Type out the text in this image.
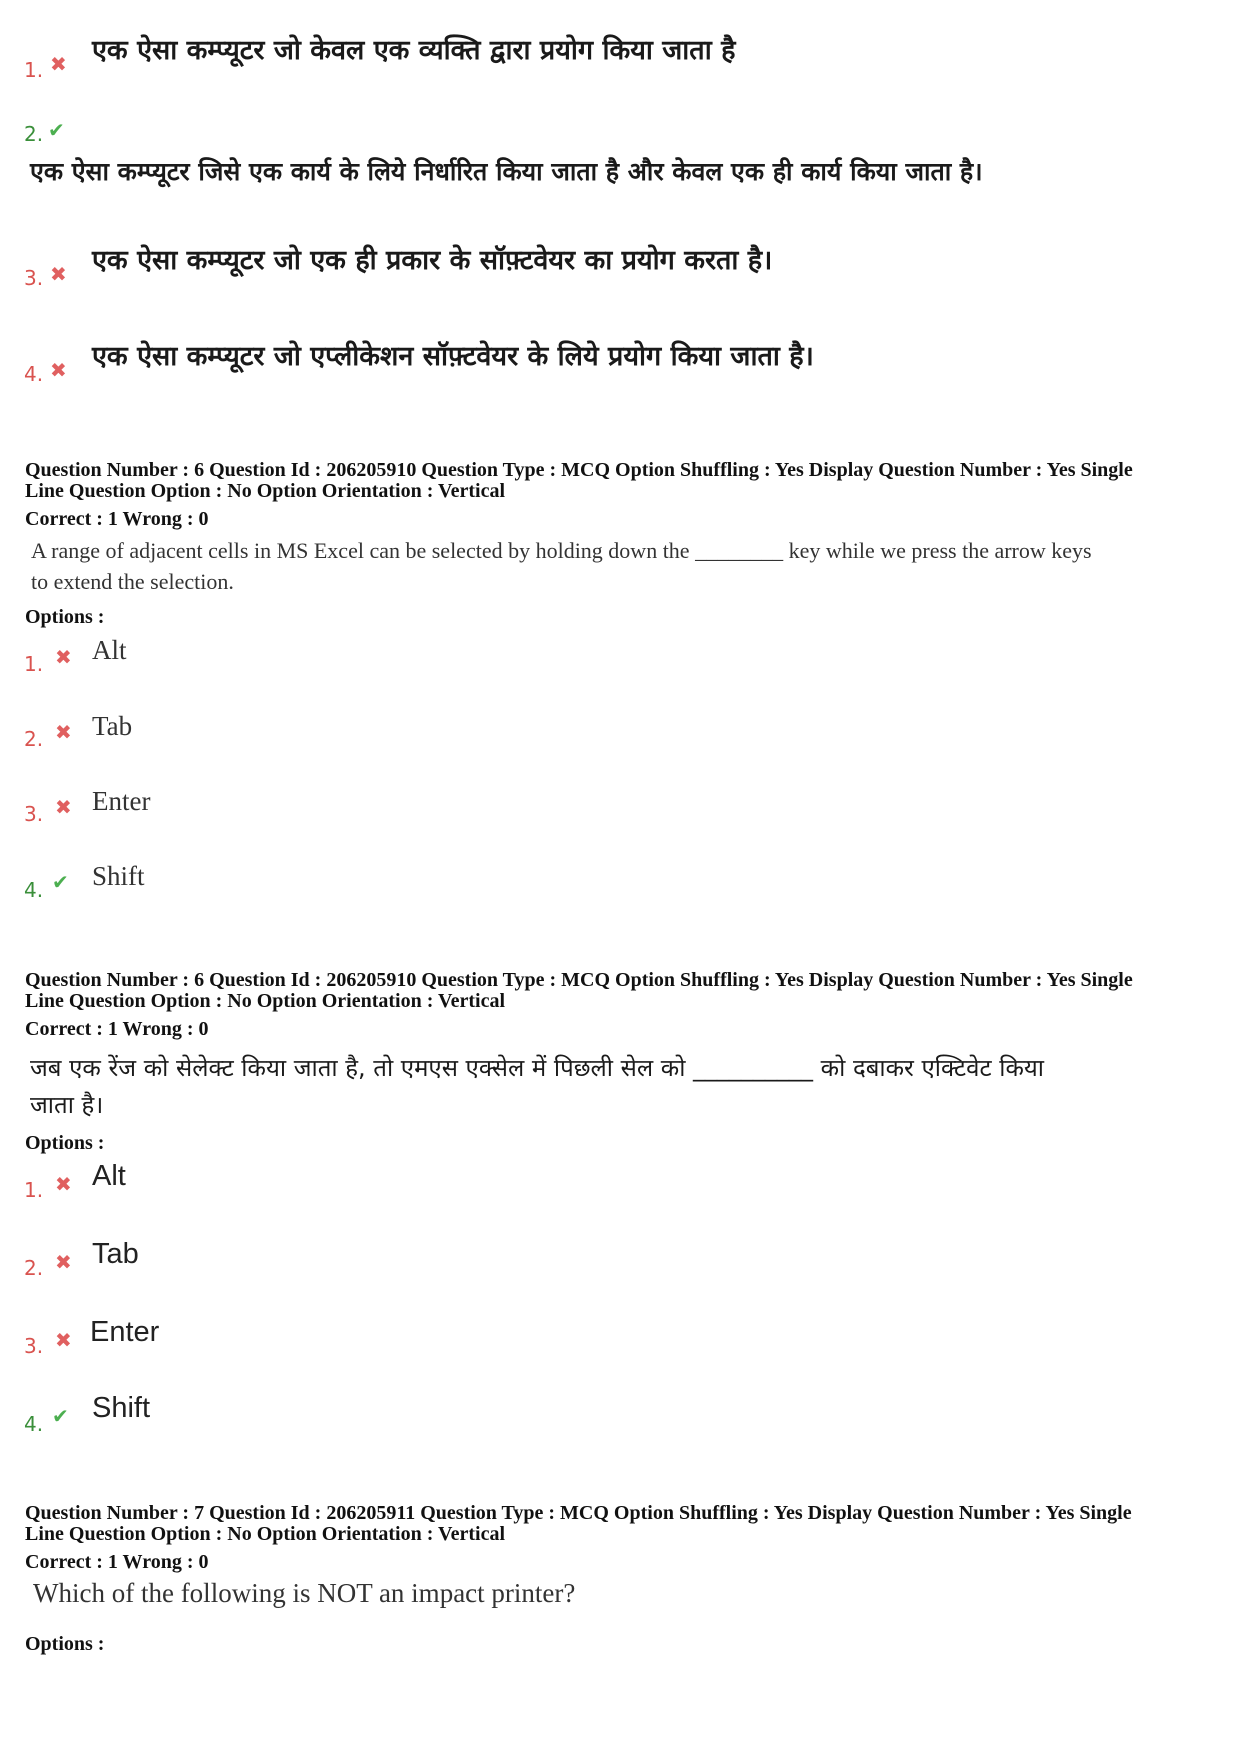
1. ✖ एक ऐसा कम्प्यूटर जो केवल एक व्यक्ति द्वारा प्रयोग किया जाता है
2. ✔
एक ऐसा कम्प्यूटर जिसे एक कार्य के लिये निर्धारित किया जाता है और केवल एक ही कार्य किया जाता है।
3. ✖ एक ऐसा कम्प्यूटर जो एक ही प्रकार के सॉफ़्टवेयर का प्रयोग करता है।
4. ✖ एक ऐसा कम्प्यूटर जो एप्लीकेशन सॉफ़्टवेयर के लिये प्रयोग किया जाता है।
Question Number : 6 Question Id : 206205910 Question Type : MCQ Option Shuffling : Yes Display Question Number : Yes Single
Line Question Option : No Option Orientation : Vertical
Correct : 1 Wrong : 0
A range of adjacent cells in MS Excel can be selected by holding down the ________ key while we press the arrow keys
to extend the selection.
Options :
1. ✖ Alt
2. ✖ Tab
3. ✖ Enter
4. ✔ Shift
Question Number : 6 Question Id : 206205910 Question Type : MCQ Option Shuffling : Yes Display Question Number : Yes Single
Line Question Option : No Option Orientation : Vertical
Correct : 1 Wrong : 0
जब एक रेंज को सेलेक्ट किया जाता है, तो एमएस एक्सेल में पिछली सेल को __________ को दबाकर एक्टिवेट किया
जाता है।
Options :
1. ✖ Alt
2. ✖ Tab
3. ✖ Enter
4. ✔ Shift
Question Number : 7 Question Id : 206205911 Question Type : MCQ Option Shuffling : Yes Display Question Number : Yes Single
Line Question Option : No Option Orientation : Vertical
Correct : 1 Wrong : 0
Which of the following is NOT an impact printer?
Options :
